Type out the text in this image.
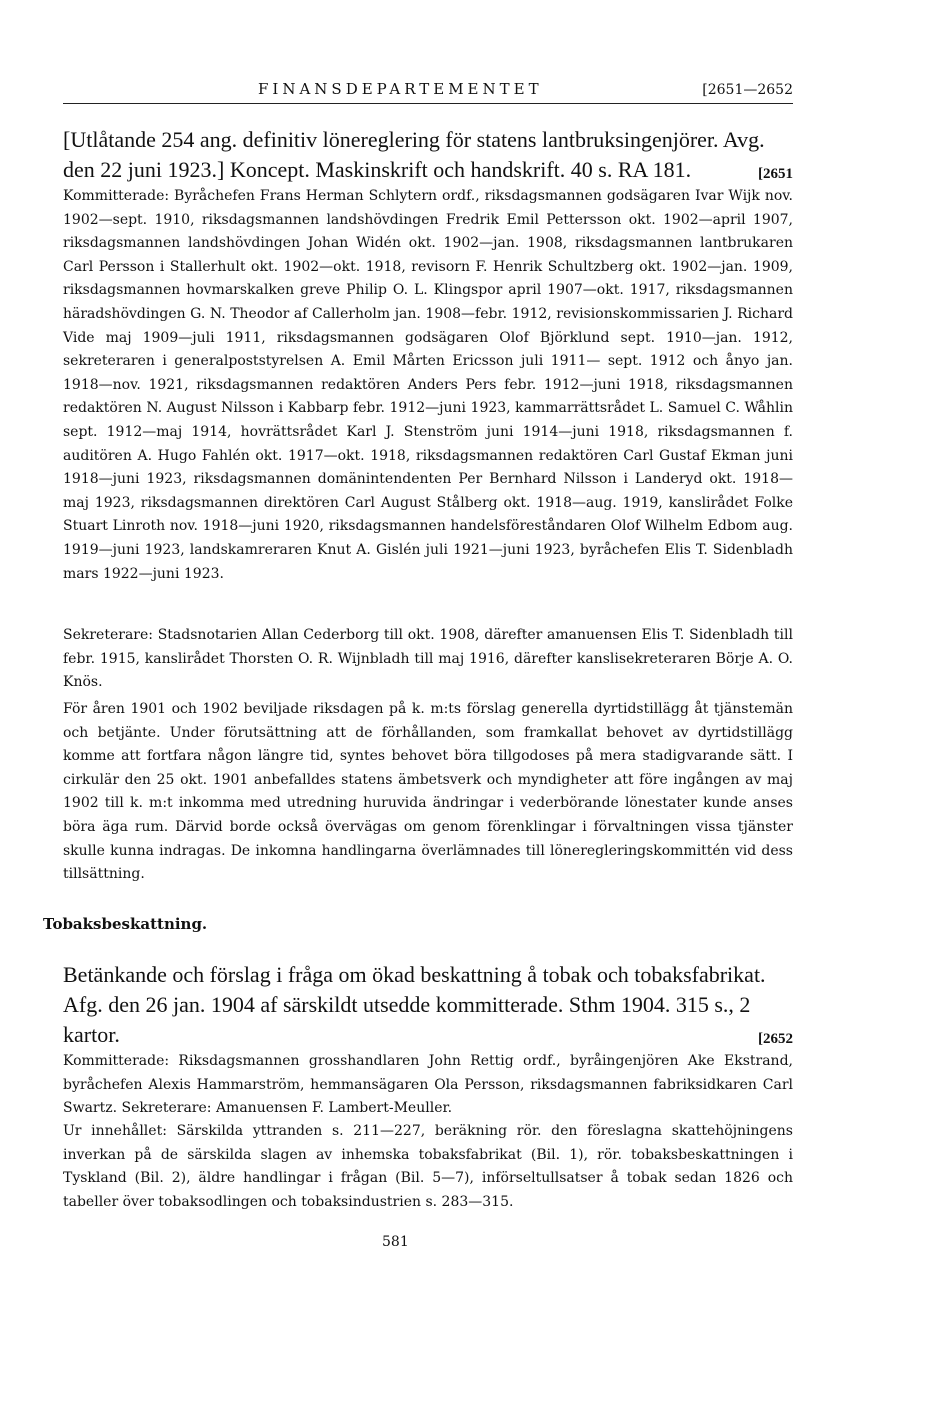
FINANSDEPARTEMENTET	[2651—2652
[Utlåtande 254 ang. definitiv lönereglering för statens lantbruksingenjörer. Avg. den 22 juni 1923.] Koncept. Maskinskrift och handskrift. 40 s. RA 181.	[2651
Kommitterade: Byråchefen Frans Herman Schlytern ordf., riksdagsmannen godsägaren Ivar Wijk nov. 1902—sept. 1910, riksdagsmannen landshövdingen Fredrik Emil Pettersson okt. 1902—april 1907, riksdagsmannen landshövdingen Johan Widén okt. 1902—jan. 1908, riksdagsmannen lantbrukaren Carl Persson i Stallerhult okt. 1902—okt. 1918, revisorn F. Henrik Schultzberg okt. 1902—jan. 1909, riksdagsmannen hovmarskalken greve Philip O. L. Klingspor april 1907—okt. 1917, riksdagsmannen häradshövdingen G. N. Theodor af Callerholm jan. 1908—febr. 1912, revisionskommissarien J. Richard Vide maj 1909—juli 1911, riksdagsmannen godsägaren Olof Björklund sept. 1910—jan. 1912, sekreteraren i generalpoststyrelsen A. Emil Mårten Ericsson juli 1911— sept. 1912 och ånyo jan. 1918—nov. 1921, riksdagsmannen redaktören Anders Pers febr. 1912—juni 1918, riksdagsmannen redaktören N. August Nilsson i Kabbarp febr. 1912—juni 1923, kammarrättsrådet L. Samuel C. Wåhlin sept. 1912—maj 1914, hovrättsrådet Karl J. Stenström juni 1914—juni 1918, riksdagsmannen f. auditören A. Hugo Fahlén okt. 1917—okt. 1918, riksdagsmannen redaktören Carl Gustaf Ekman juni 1918—juni 1923, riksdagsmannen domänintendenten Per Bernhard Nilsson i Landeryd okt. 1918—maj 1923, riksdagsmannen direktören Carl August Stålberg okt. 1918—aug. 1919, kanslirådet Folke Stuart Linroth nov. 1918—juni 1920, riksdagsmannen handelsföreståndaren Olof Wilhelm Edbom aug. 1919—juni 1923, landskamreraren Knut A. Gislén juli 1921—juni 1923, byråchefen Elis T. Sidenbladh mars 1922—juni 1923.
Sekreterare: Stadsnotarien Allan Cederborg till okt. 1908, därefter amanuensen Elis T. Sidenbladh till febr. 1915, kanslirådet Thorsten O. R. Wijnbladh till maj 1916, därefter kanslisekreteraren Börje A. O. Knös.
För åren 1901 och 1902 beviljade riksdagen på k. m:ts förslag generella dyrtidstillägg åt tjänstemän och betjänte. Under förutsättning att de förhållanden, som framkallat behovet av dyrtidstillägg komme att fortfara någon längre tid, syntes behovet böra tillgodoses på mera stadigvarande sätt. I cirkulär den 25 okt. 1901 anbefalldes statens ämbetsverk och myndigheter att före ingången av maj 1902 till k. m:t inkomma med utredning huruvida ändringar i vederbörande lönestater kunde anses böra äga rum. Därvid borde också övervägas om genom förenklingar i förvaltningen vissa tjänster skulle kunna indragas. De inkomna handlingarna överlämnades till löneregleringskommittén vid dess tillsättning.
Tobaksbeskattning.
Betänkande och förslag i fråga om ökad beskattning å tobak och tobaksfabrikat. Afg. den 26 jan. 1904 af särskildt utsedde kommitterade. Sthm 1904. 315 s., 2 kartor.	[2652
Kommitterade: Riksdagsmannen grosshandlaren John Rettig ordf., byråingenjören Ake Ekstrand, byråchefen Alexis Hammarström, hemmansägaren Ola Persson, riksdagsmannen fabriksidkaren Carl Swartz. Sekreterare: Amanuensen F. Lambert-Meuller.
Ur innehållet: Särskilda yttranden s. 211—227, beräkning rör. den föreslagna skattehöjningens inverkan på de särskilda slagen av inhemska tobaksfabrikat (Bil. 1), rör. tobaksbeskattningen i Tyskland (Bil. 2), äldre handlingar i frågan (Bil. 5—7), införseltullsatser å tobak sedan 1826 och tabeller över tobaksodlingen och tobaksindustrien s. 283—315.
581
